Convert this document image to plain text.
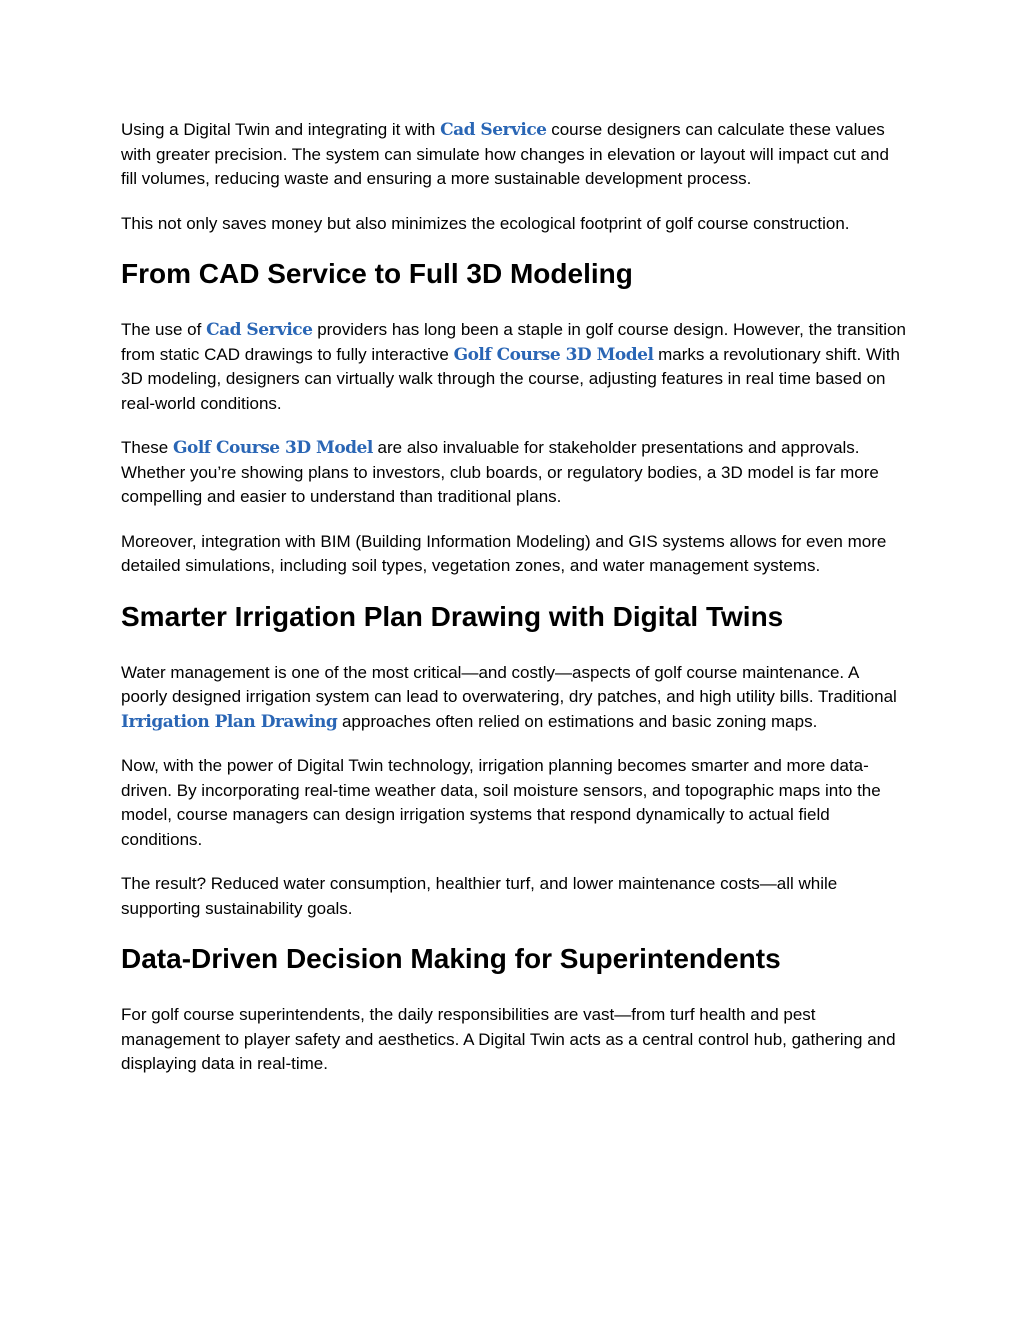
Using a Digital Twin and integrating it with Cad Service course designers can calculate these values with greater precision. The system can simulate how changes in elevation or layout will impact cut and fill volumes, reducing waste and ensuring a more sustainable development process.

This not only saves money but also minimizes the ecological footprint of golf course construction.

From CAD Service to Full 3D Modeling

The use of Cad Service providers has long been a staple in golf course design. However, the transition from static CAD drawings to fully interactive Golf Course 3D Model marks a revolutionary shift. With 3D modeling, designers can virtually walk through the course, adjusting features in real time based on real-world conditions.

These Golf Course 3D Model are also invaluable for stakeholder presentations and approvals. Whether you’re showing plans to investors, club boards, or regulatory bodies, a 3D model is far more compelling and easier to understand than traditional plans.

Moreover, integration with BIM (Building Information Modeling) and GIS systems allows for even more detailed simulations, including soil types, vegetation zones, and water management systems.

Smarter Irrigation Plan Drawing with Digital Twins

Water management is one of the most critical—and costly—aspects of golf course maintenance. A poorly designed irrigation system can lead to overwatering, dry patches, and high utility bills. Traditional Irrigation Plan Drawing approaches often relied on estimations and basic zoning maps.

Now, with the power of Digital Twin technology, irrigation planning becomes smarter and more data-driven. By incorporating real-time weather data, soil moisture sensors, and topographic maps into the model, course managers can design irrigation systems that respond dynamically to actual field conditions.

The result? Reduced water consumption, healthier turf, and lower maintenance costs—all while supporting sustainability goals.

Data-Driven Decision Making for Superintendents

For golf course superintendents, the daily responsibilities are vast—from turf health and pest management to player safety and aesthetics. A Digital Twin acts as a central control hub, gathering and displaying data in real-time.
